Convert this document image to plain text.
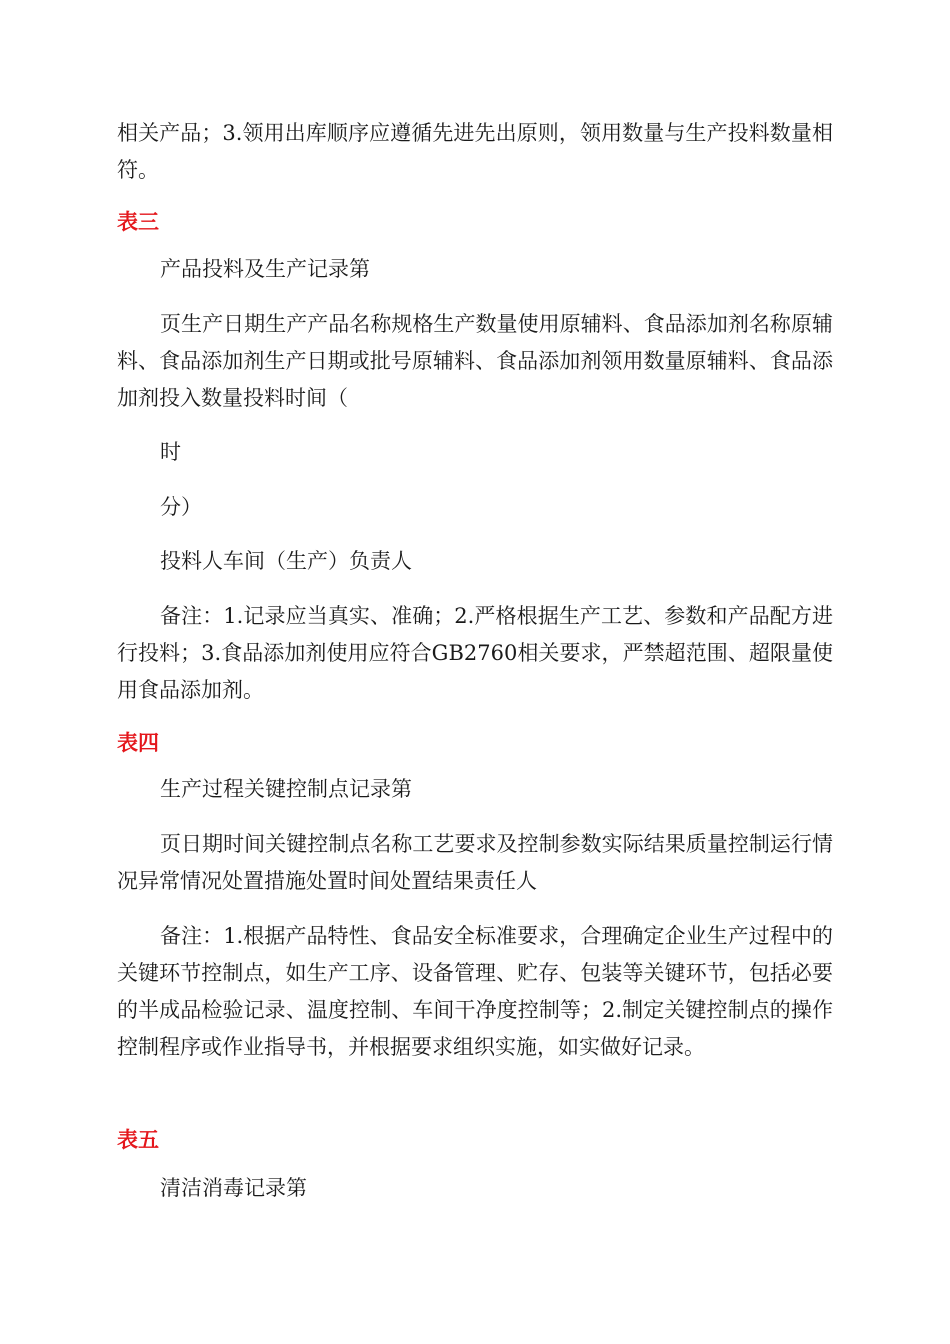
相关产品；3.领用出库顺序应遵循先进先出原则，领用数量与生产投料数量相符。

表三

产品投料及生产记录第

页生产日期生产产品名称规格生产数量使用原辅料、食品添加剂名称原辅料、食品添加剂生产日期或批号原辅料、食品添加剂领用数量原辅料、食品添加剂投入数量投料时间（

时

分）

投料人车间（生产）负责人

备注：1.记录应当真实、准确；2.严格根据生产工艺、参数和产品配方进行投料；3.食品添加剂使用应符合GB2760相关要求，严禁超范围、超限量使用食品添加剂。

表四

生产过程关键控制点记录第

页日期时间关键控制点名称工艺要求及控制参数实际结果质量控制运行情况异常情况处置措施处置时间处置结果责任人

备注：1.根据产品特性、食品安全标准要求，合理确定企业生产过程中的关键环节控制点，如生产工序、设备管理、贮存、包装等关键环节，包括必要的半成品检验记录、温度控制、车间干净度控制等；2.制定关键控制点的操作控制程序或作业指导书，并根据要求组织实施，如实做好记录。

表五

清洁消毒记录第
